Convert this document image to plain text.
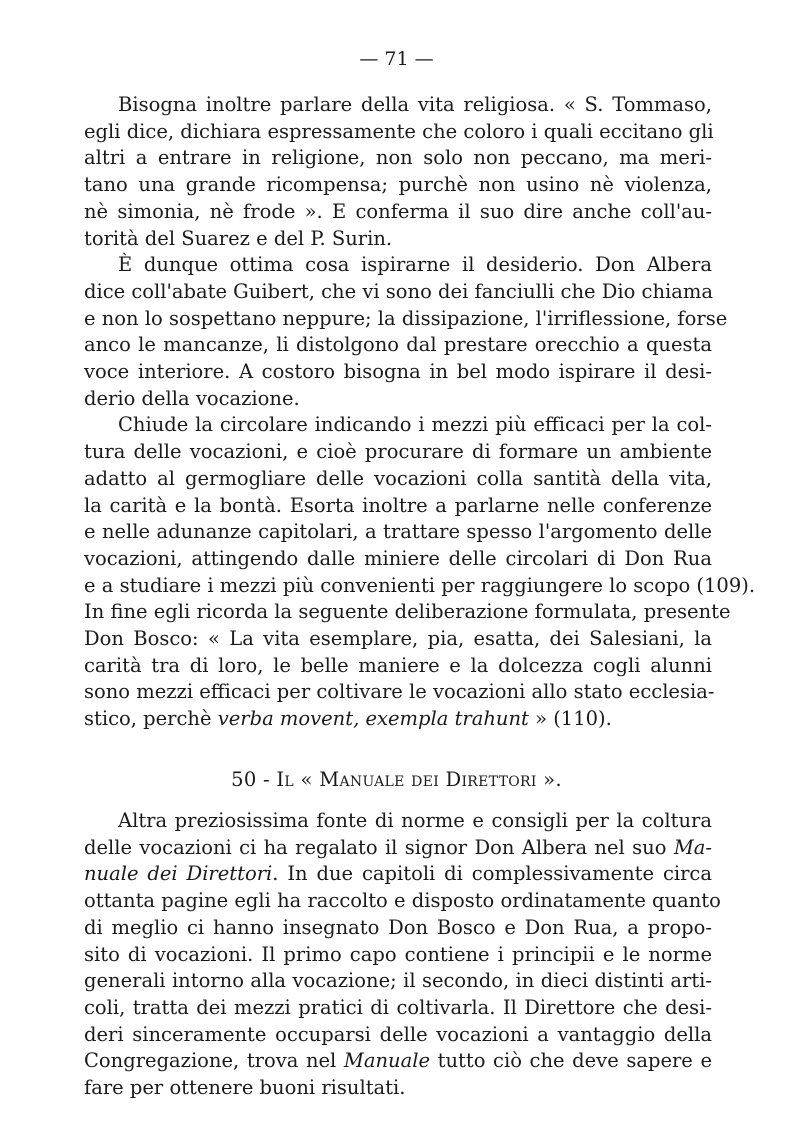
— 71 —
Bisogna inoltre parlare della vita religiosa. « S. Tommaso,
egli dice, dichiara espressamente che coloro i quali eccitano gli
altri a entrare in religione, non solo non peccano, ma meri-
tano una grande ricompensa; purchè non usino nè violenza,
nè simonia, nè frode ». E conferma il suo dire anche coll'au-
torità del Suarez e del P. Surin.
È dunque ottima cosa ispirarne il desiderio. Don Albera
dice coll'abate Guibert, che vi sono dei fanciulli che Dio chiama
e non lo sospettano neppure; la dissipazione, l'irriflessione, forse
anco le mancanze, li distolgono dal prestare orecchio a questa
voce interiore. A costoro bisogna in bel modo ispirare il desi-
derio della vocazione.
Chiude la circolare indicando i mezzi più efficaci per la col-
tura delle vocazioni, e cioè procurare di formare un ambiente
adatto al germogliare delle vocazioni colla santità della vita,
la carità e la bontà. Esorta inoltre a parlarne nelle conferenze
e nelle adunanze capitolari, a trattare spesso l'argomento delle
vocazioni, attingendo dalle miniere delle circolari di Don Rua
e a studiare i mezzi più convenienti per raggiungere lo scopo (109).
In fine egli ricorda la seguente deliberazione formulata, presente
Don Bosco: « La vita esemplare, pia, esatta, dei Salesiani, la
carità tra di loro, le belle maniere e la dolcezza cogli alunni
sono mezzi efficaci per coltivare le vocazioni allo stato ecclesia-
stico, perchè verba movent, exempla trahunt » (110).
50 - Il « Manuale dei Direttori ».
Altra preziosissima fonte di norme e consigli per la coltura
delle vocazioni ci ha regalato il signor Don Albera nel suo Ma-
nuale dei Direttori. In due capitoli di complessivamente circa
ottanta pagine egli ha raccolto e disposto ordinatamente quanto
di meglio ci hanno insegnato Don Bosco e Don Rua, a propo-
sito di vocazioni. Il primo capo contiene i principii e le norme
generali intorno alla vocazione; il secondo, in dieci distinti arti-
coli, tratta dei mezzi pratici di coltivarla. Il Direttore che desi-
deri sinceramente occuparsi delle vocazioni a vantaggio della
Congregazione, trova nel Manuale tutto ciò che deve sapere e
fare per ottenere buoni risultati.
